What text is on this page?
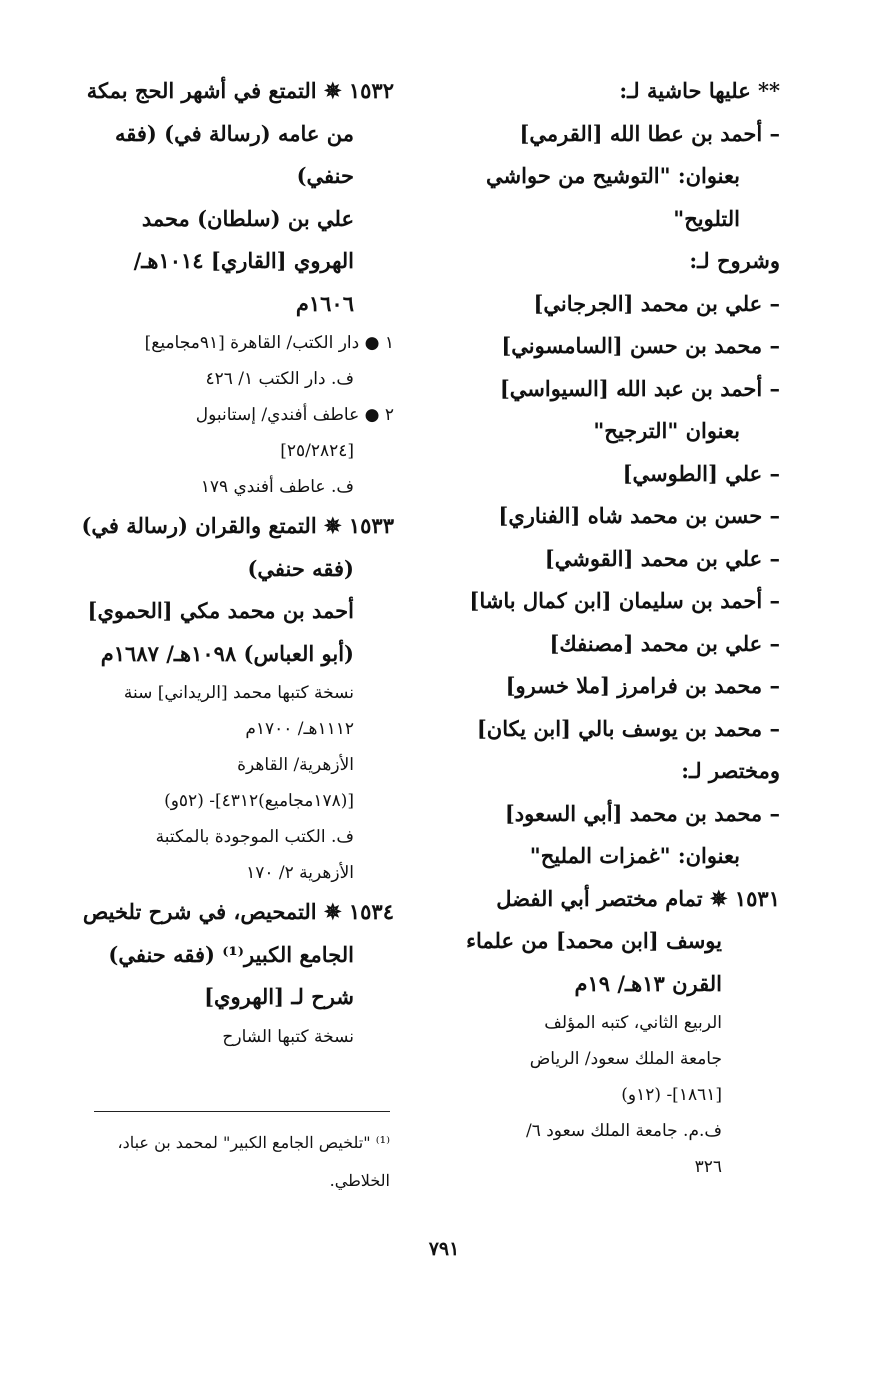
** عليها حاشية لـ:
– أحمد بن عطا الله [القرمي]
بعنوان: "التوشيح من حواشي
التلويح"
وشروح لـ:
– علي بن محمد [الجرجاني]
– محمد بن حسن [السامسوني]
– أحمد بن عبد الله [السيواسي]
بعنوان "الترجيح"
– علي [الطوسي]
– حسن بن محمد شاه [الفناري]
– علي بن محمد [القوشي]
– أحمد بن سليمان [ابن كمال باشا]
– علي بن محمد [مصنفك]
– محمد بن فرامرز [ملا خسرو]
– محمد بن يوسف بالي [ابن يكان]
ومختصر لـ:
– محمد بن محمد [أبي السعود]
بعنوان: "غمزات المليح"
١٥٣١ ✵ تمام مختصر أبي الفضل
يوسف [ابن محمد] من علماء
القرن ١٣هـ/ ١٩م
الربيع الثاني، كتبه المؤلف
جامعة الملك سعود/ الرياض
[١٨٦١]- (١٢و)
ف.م. جامعة الملك سعود ٦/
٣٢٦
١٥٣٢ ✵ التمتع في أشهر الحج بمكة
من عامه (رسالة في) (فقه
حنفي)
علي بن (سلطان) محمد
الهروي [القاري] ١٠١٤هـ/
١٦٠٦م
١ ● دار الكتب/ القاهرة [٩١مجاميع]
ف. دار الكتب ١/ ٤٢٦
٢ ● عاطف أفندي/ إستانبول
[٢٥/٢٨٢٤]
ف. عاطف أفندي ١٧٩
١٥٣٣ ✵ التمتع والقران (رسالة في)
(فقه حنفي)
أحمد بن محمد مكي [الحموي]
(أبو العباس) ١٠٩٨هـ/ ١٦٨٧م
نسخة كتبها محمد [الريداني] سنة
١١١٢هـ/ ١٧٠٠م
الأزهرية/ القاهرة
[(١٧٨مجاميع)٤٣١٢]- (٥٢و)
ف. الكتب الموجودة بالمكتبة
الأزهرية ٢/ ١٧٠
١٥٣٤ ✵ التمحيص، في شرح تلخيص
الجامع الكبير⁽¹⁾ (فقه حنفي)
شرح لـ [الهروي]
نسخة كتبها الشارح
⁽¹⁾ "تلخيص الجامع الكبير" لمحمد بن عباد،
الخلاطي.
٧٩١
